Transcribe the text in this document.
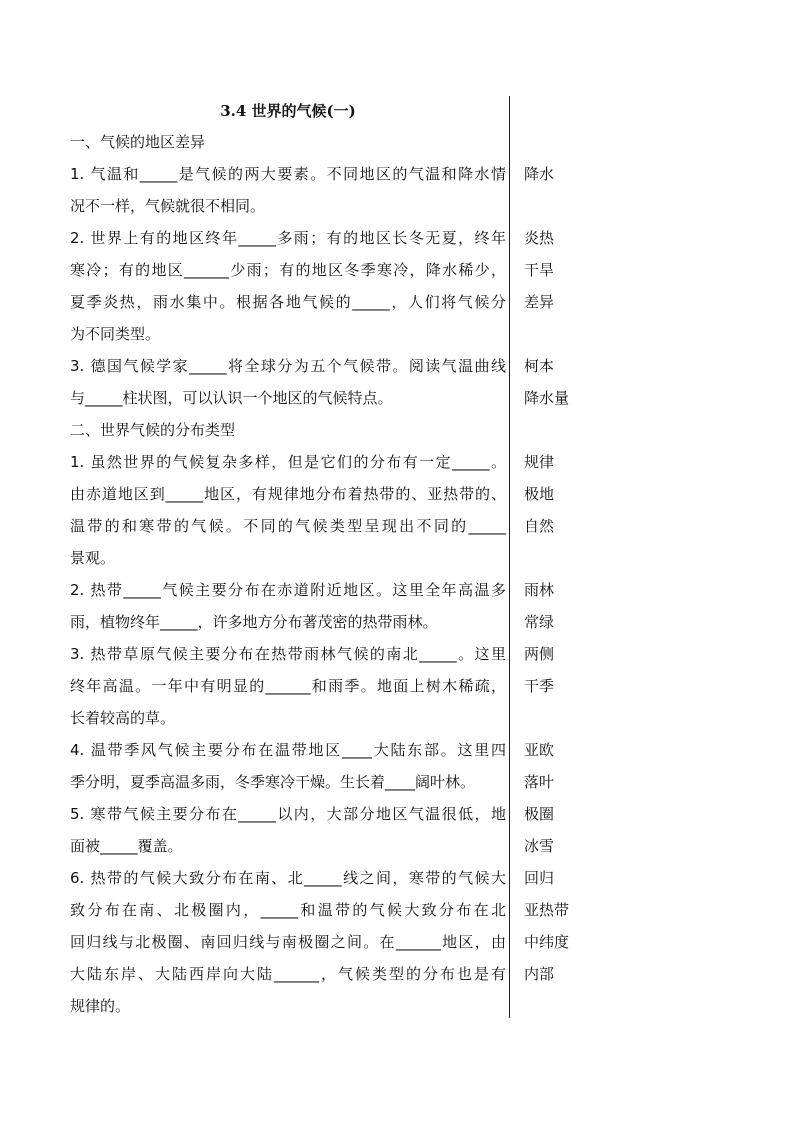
3.4 世界的气候(一)
一、气候的地区差异
1. 气温和_____是气候的两大要素。不同地区的气温和降水情
况不一样，气候就很不相同。
2. 世界上有的地区终年_____多雨；有的地区长冬无夏，终年
寒冷；有的地区______少雨；有的地区冬季寒冷，降水稀少，
夏季炎热，雨水集中。根据各地气候的_____，人们将气候分
为不同类型。
3. 德国气候学家_____将全球分为五个气候带。阅读气温曲线
与_____柱状图，可以认识一个地区的气候特点。
二、世界气候的分布类型
1. 虽然世界的气候复杂多样，但是它们的分布有一定_____。
由赤道地区到_____地区，有规律地分布着热带的、亚热带的、
温带的和寒带的气候。不同的气候类型呈现出不同的_____
景观。
2. 热带_____气候主要分布在赤道附近地区。这里全年高温多
雨，植物终年_____，许多地方分布著茂密的热带雨林。
3. 热带草原气候主要分布在热带雨林气候的南北_____。这里
终年高温。一年中有明显的______和雨季。地面上树木稀疏，
长着较高的草。
4. 温带季风气候主要分布在温带地区____大陆东部。这里四
季分明，夏季高温多雨，冬季寒冷干燥。生长着____阔叶林。
5. 寒带气候主要分布在_____以内，大部分地区气温很低，地
面被_____覆盖。
6. 热带的气候大致分布在南、北_____线之间，寒带的气候大
致分布在南、北极圈内，_____和温带的气候大致分布在北
回归线与北极圈、南回归线与南极圈之间。在______地区，由
大陆东岸、大陆西岸向大陆______，气候类型的分布也是有
规律的。
降水
炎热
干旱
差异
柯本
降水量
规律
极地
自然
雨林
常绿
两侧
干季
亚欧
落叶
极圈
冰雪
回归
亚热带
中纬度
内部
